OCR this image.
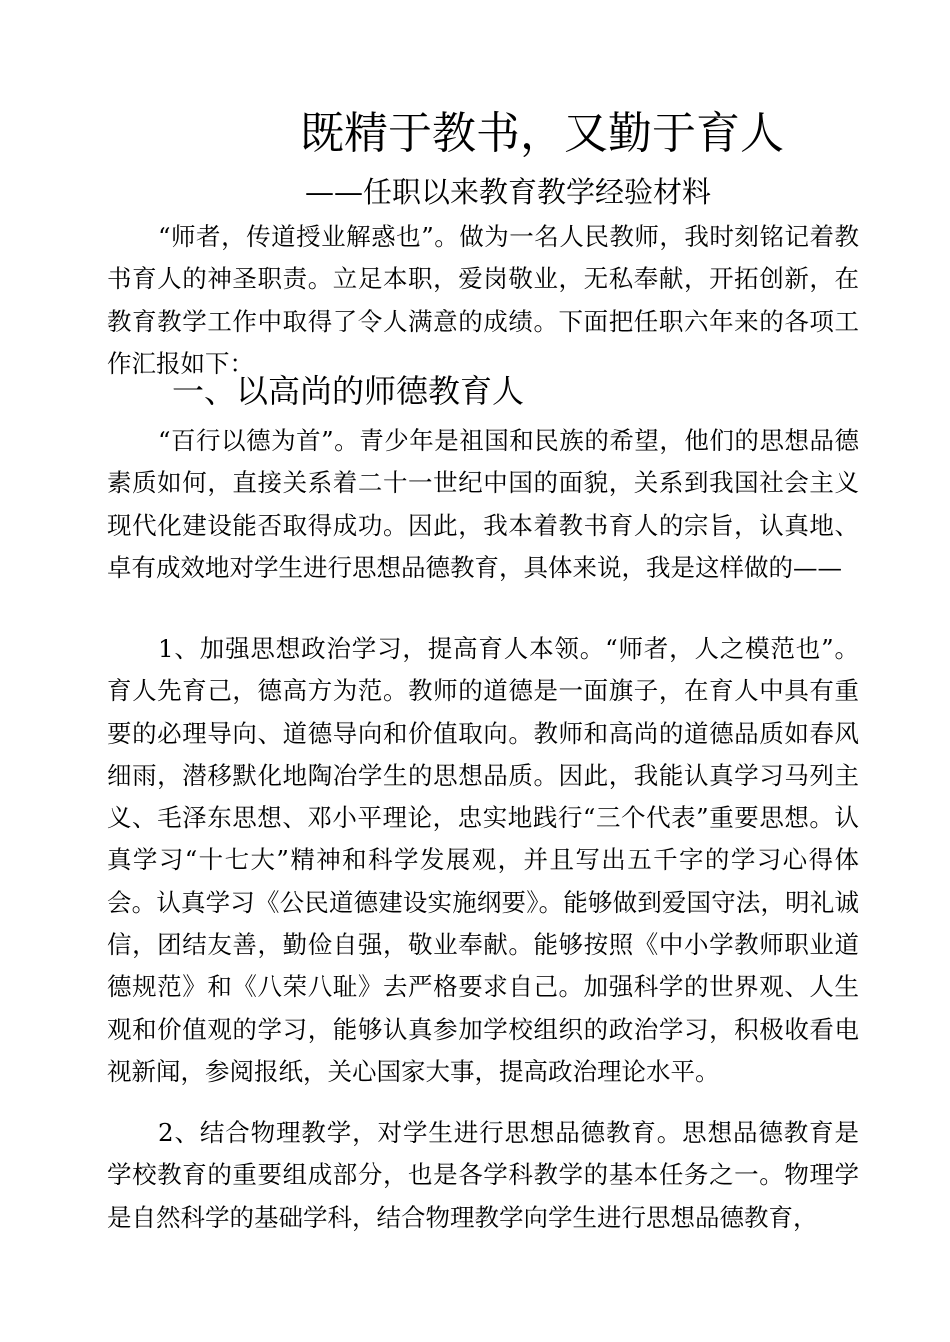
既精于教书，又勤于育人
——任职以来教育教学经验材料

“师者，传道授业解惑也”。做为一名人民教师，我时刻铭记着教书育人的神圣职责。立足本职，爱岗敬业，无私奉献，开拓创新，在教育教学工作中取得了令人满意的成绩。下面把任职六年来的各项工作汇报如下：

一、以高尚的师德教育人

“百行以德为首”。青少年是祖国和民族的希望，他们的思想品德素质如何，直接关系着二十一世纪中国的面貌，关系到我国社会主义现代化建设能否取得成功。因此，我本着教书育人的宗旨，认真地、卓有成效地对学生进行思想品德教育，具体来说，我是这样做的——

1、加强思想政治学习，提高育人本领。“师者，人之模范也”。育人先育己，德高方为范。教师的道德是一面旗子，在育人中具有重要的必理导向、道德导向和价值取向。教师和高尚的道德品质如春风细雨，潜移默化地陶冶学生的思想品质。因此，我能认真学习马列主义、毛泽东思想、邓小平理论，忠实地践行“三个代表”重要思想。认真学习“十七大”精神和科学发展观，并且写出五千字的学习心得体会。认真学习《公民道德建设实施纲要》。能够做到爱国守法，明礼诚信，团结友善，勤俭自强，敬业奉献。能够按照《中小学教师职业道德规范》和《八荣八耻》去严格要求自己。加强科学的世界观、人生观和价值观的学习，能够认真参加学校组织的政治学习，积极收看电视新闻，参阅报纸，关心国家大事，提高政治理论水平。

2、结合物理教学，对学生进行思想品德教育。思想品德教育是学校教育的重要组成部分，也是各学科教学的基本任务之一。物理学是自然科学的基础学科，结合物理教学向学生进行思想品德教育，
